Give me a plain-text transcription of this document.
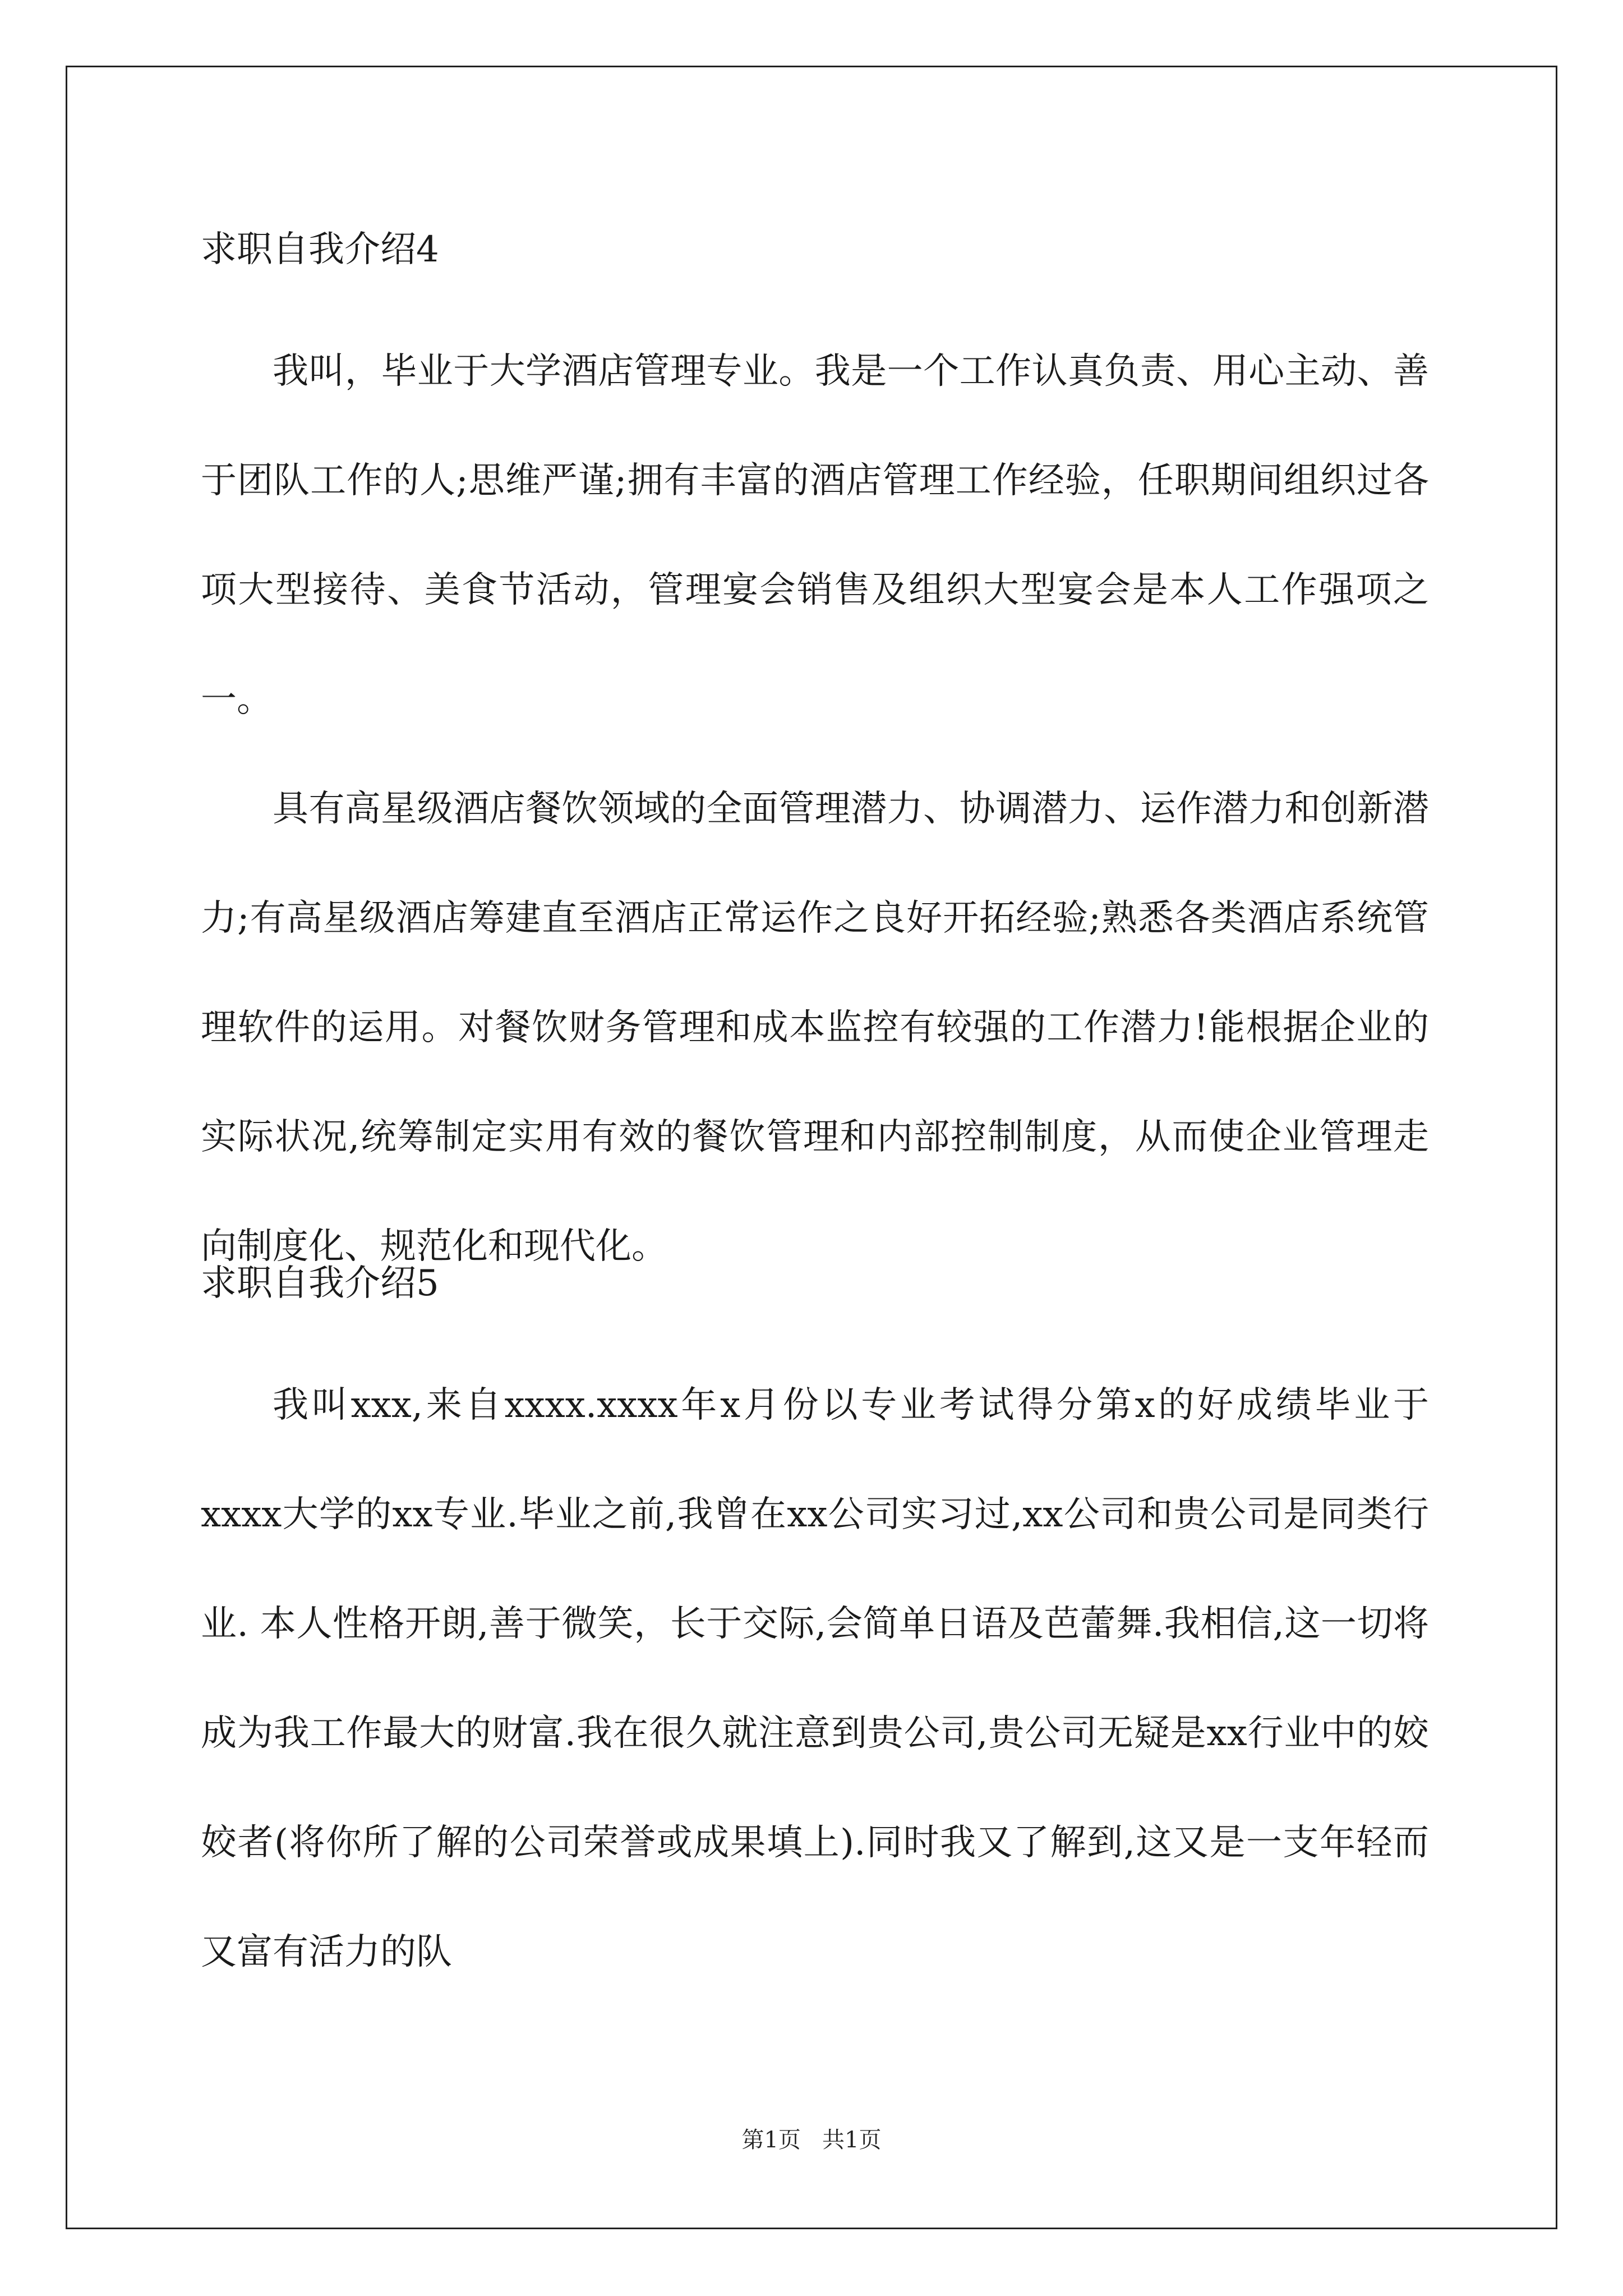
求职自我介绍4

我叫，毕业于大学酒店管理专业。我是一个工作认真负责、用心主动、善于团队工作的人;思维严谨;拥有丰富的酒店管理工作经验，任职期间组织过各项大型接待、美食节活动，管理宴会销售及组织大型宴会是本人工作强项之一。

具有高星级酒店餐饮领域的全面管理潜力、协调潜力、运作潜力和创新潜力;有高星级酒店筹建直至酒店正常运作之良好开拓经验;熟悉各类酒店系统管理软件的运用。对餐饮财务管理和成本监控有较强的工作潜力!能根据企业的实际状况,统筹制定实用有效的餐饮管理和内部控制制度，从而使企业管理走向制度化、规范化和现代化。

求职自我介绍5

我叫xxx,来自xxxx.xxxx年x月份以专业考试得分第x的好成绩毕业于xxxx大学的xx专业.毕业之前,我曾在xx公司实习过,xx公司和贵公司是同类行业. 本人性格开朗,善于微笑，长于交际,会简单日语及芭蕾舞.我相信,这一切将成为我工作最大的财富.我在很久就注意到贵公司,贵公司无疑是xx行业中的姣姣者(将你所了解的公司荣誉或成果填上).同时我又了解到,这又是一支年轻而又富有活力的队

第1页   共1页
